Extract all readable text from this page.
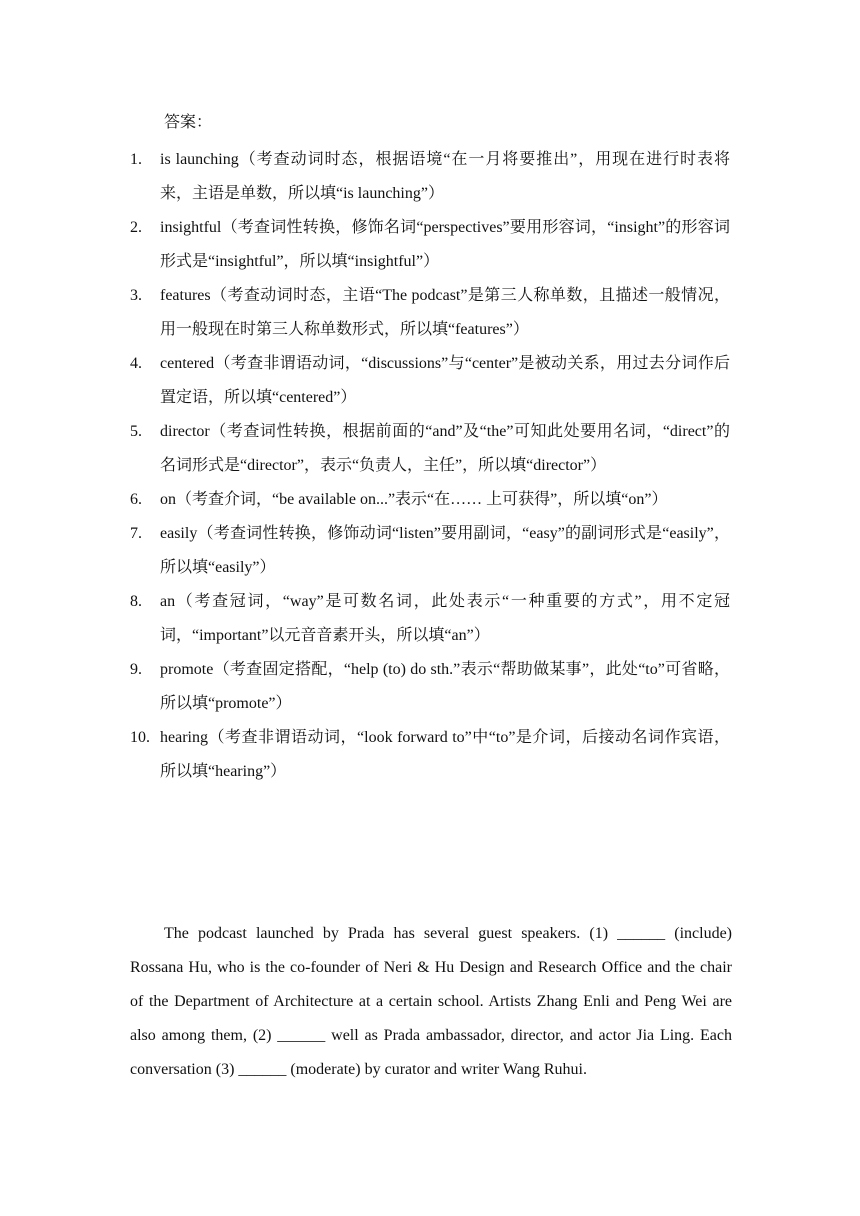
答案：

1. is launching（考查动词时态，根据语境“在一月将要推出”，用现在进行时表将来，主语是单数，所以填“is launching”）
2. insightful（考查词性转换，修饰名词“perspectives”要用形容词，“insight”的形容词形式是“insightful”，所以填“insightful”）
3. features（考查动词时态，主语“The podcast”是第三人称单数，且描述一般情况，用一般现在时第三人称单数形式，所以填“features”）
4. centered（考查非谓语动词，“discussions”与“center”是被动关系，用过去分词作后置定语，所以填“centered”）
5. director（考查词性转换，根据前面的“and”及“the”可知此处要用名词，“direct”的名词形式是“director”，表示“负责人，主任”，所以填“director”）
6. on（考查介词，“be available on...”表示“在…… 上可获得”，所以填“on”）
7. easily（考查词性转换，修饰动词“listen”要用副词，“easy”的副词形式是“easily”，所以填“easily”）
8. an（考查冠词，“way”是可数名词，此处表示“一种重要的方式”，用不定冠词，“important”以元音音素开头，所以填“an”）
9. promote（考查固定搭配，“help (to) do sth.”表示“帮助做某事”，此处“to”可省略，所以填“promote”）
10. hearing（考查非谓语动词，“look forward to”中“to”是介词，后接动名词作宾语，所以填“hearing”）

The podcast launched by Prada has several guest speakers. (1) ______ (include) Rossana Hu, who is the co-founder of Neri & Hu Design and Research Office and the chair of the Department of Architecture at a certain school. Artists Zhang Enli and Peng Wei are also among them, (2) ______ well as Prada ambassador, director, and actor Jia Ling. Each conversation (3) ______ (moderate) by curator and writer Wang Ruhui.
